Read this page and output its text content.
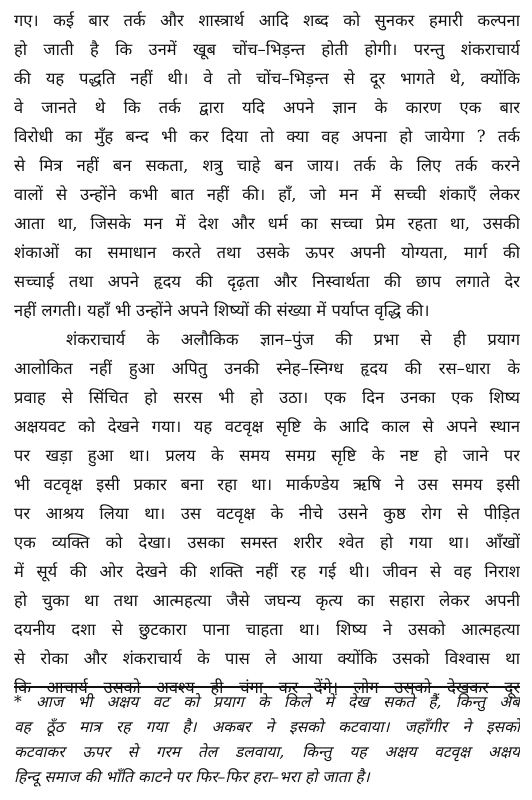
गए। कई बार तर्क और शास्त्रार्थ आदि शब्द को सुनकर हमारी कल्पना
हो जाती है कि उनमें खूब चोंच–भिड़न्त होती होगी। परन्तु शंकराचार्य
की यह पद्धति नहीं थी। वे तो चोंच–भिड़न्त से दूर भागते थे, क्योंकि
वे जानते थे कि तर्क द्वारा यदि अपने ज्ञान के कारण एक बार
विरोधी का मुँह बन्द भी कर दिया तो क्या वह अपना हो जायेगा ? तर्क
से मित्र नहीं बन सकता, शत्रु चाहे बन जाय। तर्क के लिए तर्क करने
वालों से उन्होंने कभी बात नहीं की। हाँ, जो मन में सच्ची शंकाएँ लेकर
आता था, जिसके मन में देश और धर्म का सच्चा प्रेम रहता था, उसकी
शंकाओं का समाधान करते तथा उसके ऊपर अपनी योग्यता, मार्ग की
सच्चाई तथा अपने हृदय की दृढ़ता और निस्वार्थता की छाप लगाते देर
नहीं लगती। यहाँ भी उन्होंने अपने शिष्यों की संख्या में पर्याप्त वृद्धि की।
शंकराचार्य के अलौकिक ज्ञान–पुंज की प्रभा से ही प्रयाग
आलोकित नहीं हुआ अपितु उनकी स्नेह–स्निग्ध हृदय की रस–धारा के
प्रवाह से सिंचित हो सरस भी हो उठा। एक दिन उनका एक शिष्य
अक्षयवट को देखने गया। यह वटवृक्ष सृष्टि के आदि काल से अपने स्थान
पर खड़ा हुआ था। प्रलय के समय समग्र सृष्टि के नष्ट हो जाने पर
भी वटवृक्ष इसी प्रकार बना रहा था। मार्कण्डेय ऋषि ने उस समय इसी
पर आश्रय लिया था। उस वटवृक्ष के नीचे उसने कुष्ठ रोग से पीड़ित
एक व्यक्ति को देखा। उसका समस्त शरीर श्वेत हो गया था। आँखों
में सूर्य की ओर देखने की शक्ति नहीं रह गई थी। जीवन से वह निराश
हो चुका था तथा आत्महत्या जैसे जघन्य कृत्य का सहारा लेकर अपनी
दयनीय दशा से छुटकारा पाना चाहता था। शिष्य ने उसको आत्महत्या
से रोका और शंकराचार्य के पास ले आया क्योंकि उसको विश्वास था
कि आचार्य उसको अवश्य ही चंगा कर देंगे। लोग उसको देखकर दूर
* आज भी अक्षय वट को प्रयाग के किले में देख सकते हैं, किन्तु अब
वह ठूँठ मात्र रह गया है। अकबर ने इसको कटवाया। जहाँगीर ने इसको
कटवाकर ऊपर से गरम तेल डलवाया, किन्तु यह अक्षय वटवृक्ष अक्षय
हिन्दू समाज की भाँति काटने पर फिर–फिर हरा–भरा हो जाता है।
